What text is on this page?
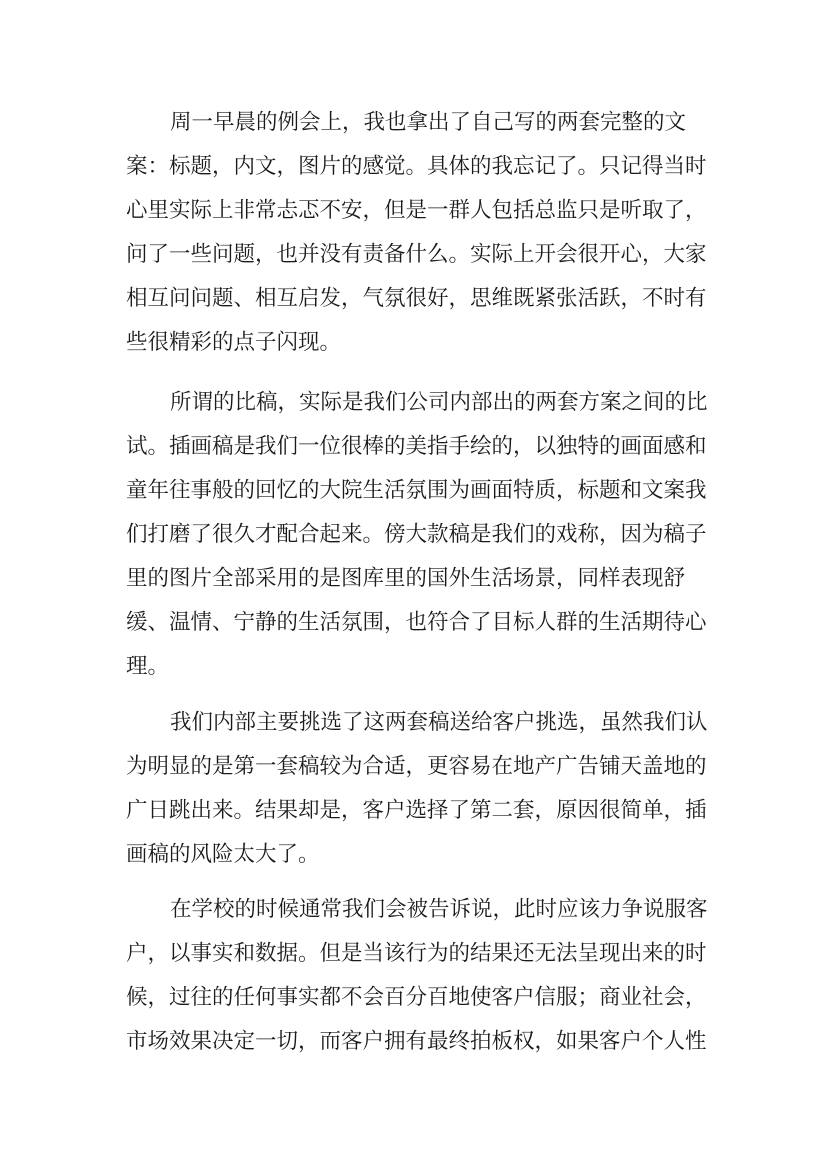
周一早晨的例会上，我也拿出了自己写的两套完整的文
案：标题，内文，图片的感觉。具体的我忘记了。只记得当时
心里实际上非常忐忑不安，但是一群人包括总监只是听取了，
问了一些问题，也并没有责备什么。实际上开会很开心，大家
相互问问题、相互启发，气氛很好，思维既紧张活跃，不时有
些很精彩的点子闪现。
所谓的比稿，实际是我们公司内部出的两套方案之间的比
试。插画稿是我们一位很棒的美指手绘的，以独特的画面感和
童年往事般的回忆的大院生活氛围为画面特质，标题和文案我
们打磨了很久才配合起来。傍大款稿是我们的戏称，因为稿子
里的图片全部采用的是图库里的国外生活场景，同样表现舒
缓、温情、宁静的生活氛围，也符合了目标人群的生活期待心
理。
我们内部主要挑选了这两套稿送给客户挑选，虽然我们认
为明显的是第一套稿较为合适，更容易在地产广告铺天盖地的
广日跳出来。结果却是，客户选择了第二套，原因很简单，插
画稿的风险太大了。
在学校的时候通常我们会被告诉说，此时应该力争说服客
户，以事实和数据。但是当该行为的结果还无法呈现出来的时
候，过往的任何事实都不会百分百地使客户信服；商业社会，
市场效果决定一切，而客户拥有最终拍板权，如果客户个人性
